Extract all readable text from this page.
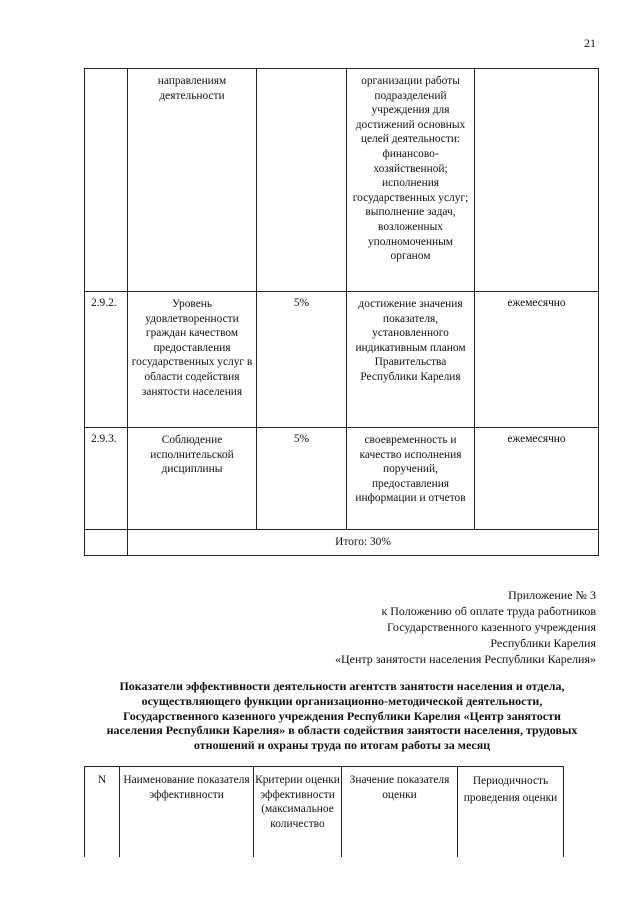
21
	направлениям деятельности		организации работы подразделений учреждения для достижений основных целей деятельности: финансово-хозяйственной; исполнения государственных услуг; выполнение задач, возложенных уполномоченным органом	
2.9.2.	Уровень удовлетворенности граждан качеством предоставления государственных услуг в области содействия занятости населения	5%	достижение значения показателя, установленного индикативным планом Правительства Республики Карелия	ежемесячно
2.9.3.	Соблюдение исполнительской дисциплины	5%	своевременность и качество исполнения поручений, предоставления информации и отчетов	ежемесячно
	Итого: 30%			
Приложение № 3
к Положению об оплате труда работников
Государственного казенного учреждения
Республики Карелия
«Центр занятости населения Республики Карелия»
Показатели эффективности деятельности агентств занятости населения и отдела,
осуществляющего функции организационно-методической деятельности,
Государственного казенного учреждения Республики Карелия «Центр занятости
населения Республики Карелия» в области содействия занятости населения, трудовых
отношений и охраны труда по итогам работы за месяц
N	Наименование показателя эффективности	Критерии оценки эффективности (максимальное количество	Значение показателя оценки	Периодичность проведения оценки
